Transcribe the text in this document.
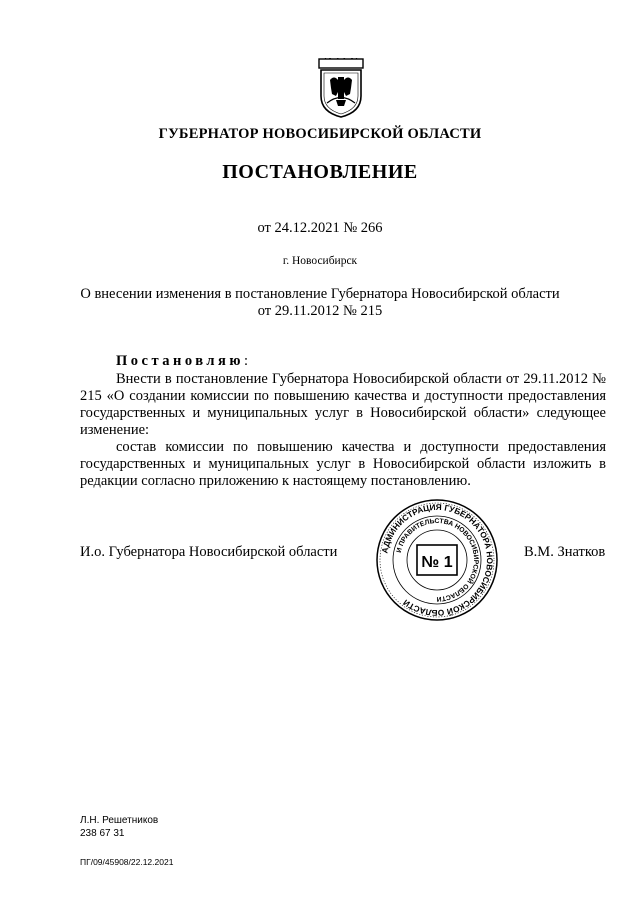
ГУБЕРНАТОР НОВОСИБИРСКОЙ ОБЛАСТИ
ПОСТАНОВЛЕНИЕ
от 24.12.2021 № 266
г. Новосибирск
О внесении изменения в постановление Губернатора Новосибирской области
от 29.11.2012 № 215
Постановляю:
Внести в постановление Губернатора Новосибирской области от 29.11.2012 № 215 «О создании комиссии по повышению качества и доступности предоставления государственных и муниципальных услуг в Новосибирской области» следующее изменение:
состав комиссии по повышению качества и доступности предоставления государственных и муниципальных услуг в Новосибирской области изложить в редакции согласно приложению к настоящему постановлению.
И.о. Губернатора Новосибирской области	В.М. Знатков
АДМИНИСТРАЦИЯ ГУБЕРНАТОРА НОВОСИБИРСКОЙ ОБЛАСТИ
И ПРАВИТЕЛЬСТВА НОВОСИБИРСКОЙ ОБЛАСТИ
№ 1
Л.Н. Решетников
238 67 31
ПГ/09/45908/22.12.2021
